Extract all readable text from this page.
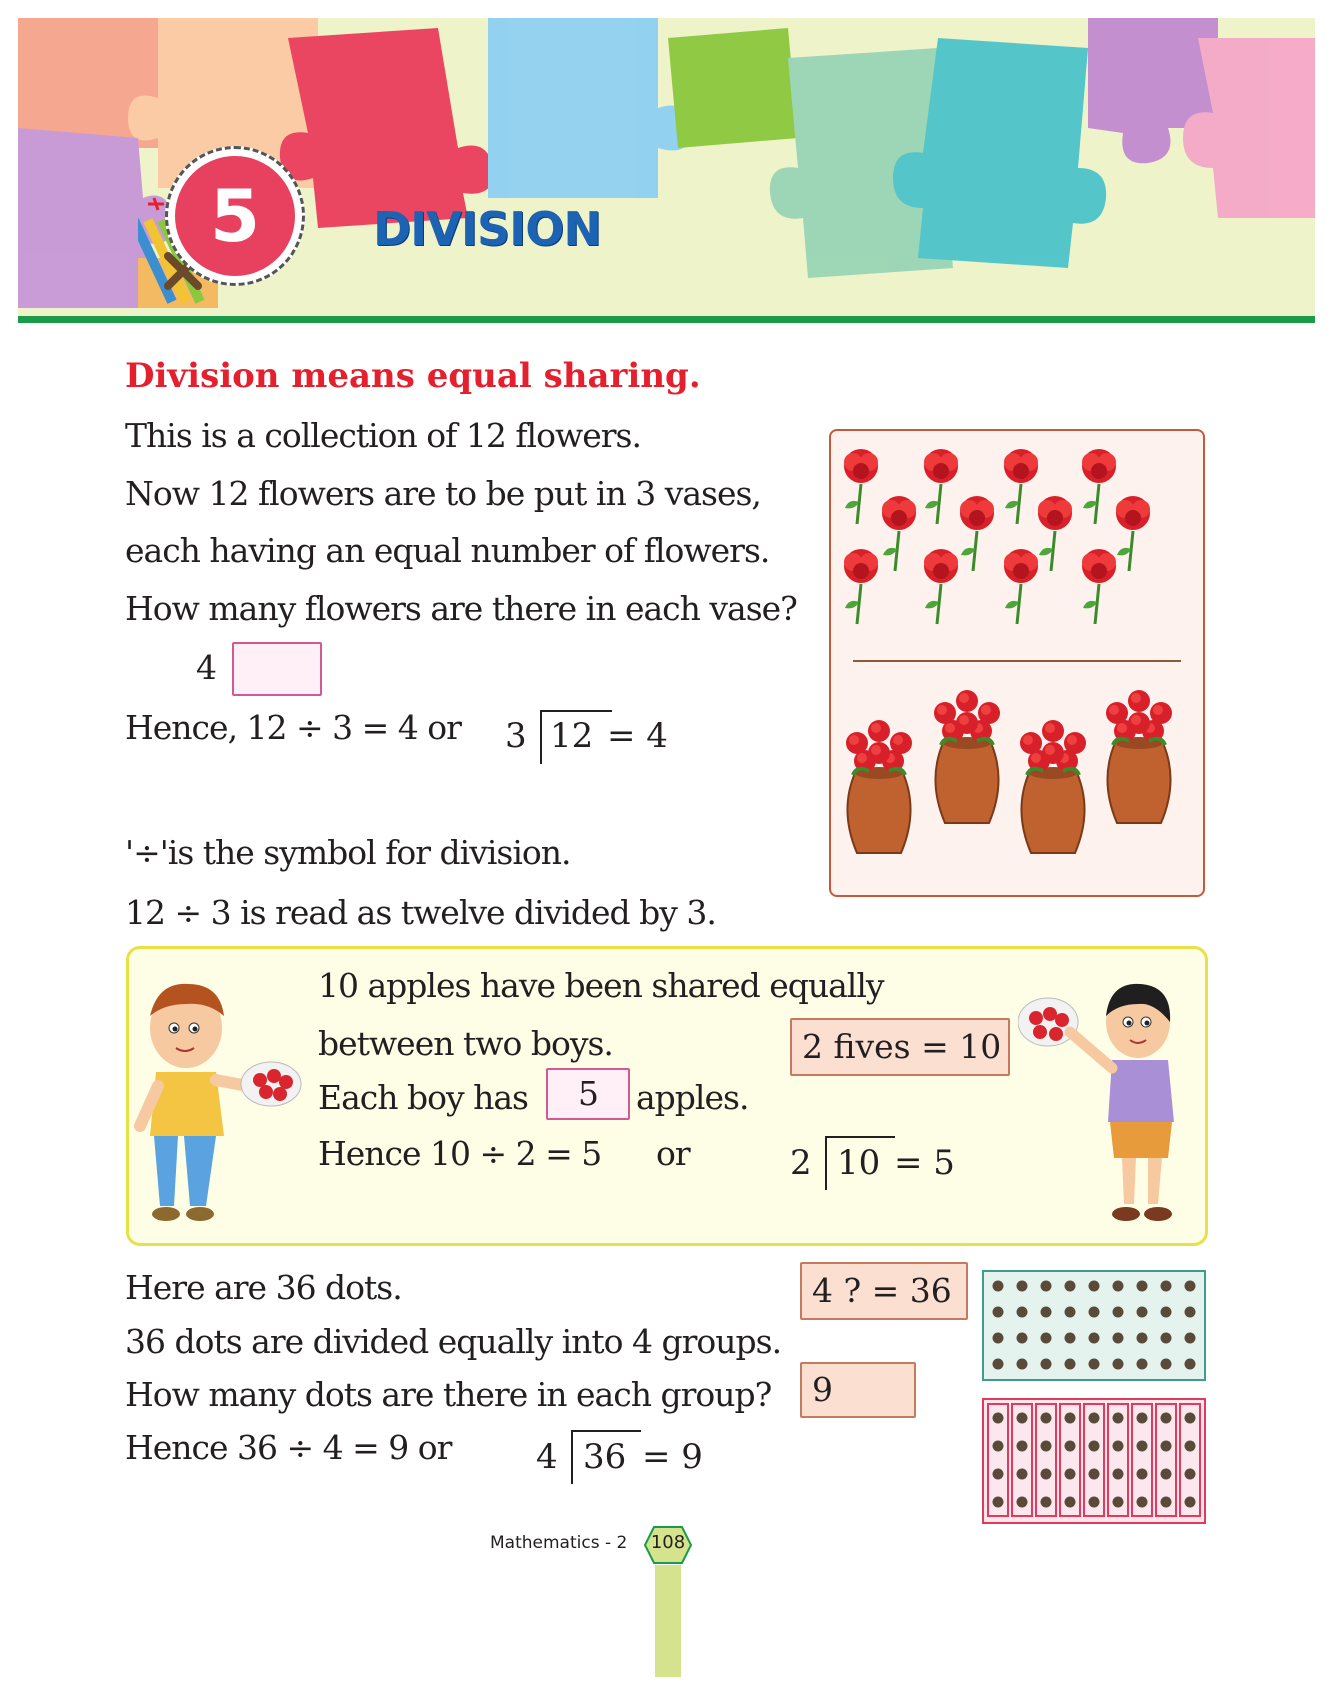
5	DIVISION
Division means equal sharing.
This is a collection of 12 flowers.
Now 12 flowers are to be put in 3 vases,
each having an equal number of flowers.
How many flowers are there in each vase?
4
Hence, 12 ÷ 3 = 4 or 3 12 = 4
'÷'is the symbol for division.
12 ÷ 3 is read as twelve divided by 3.
10 apples have been shared equally
between two boys.
Each boy has	5	apples.
Hence 10 ÷ 2 = 5 or
2 fives = 10
2 10 = 5
Here are 36 dots.
36 dots are divided equally into 4 groups.
How many dots are there in each group?
Hence 36 ÷ 4 = 9 or
4 ? = 36
9
4 36 = 9
Mathematics - 2	108
